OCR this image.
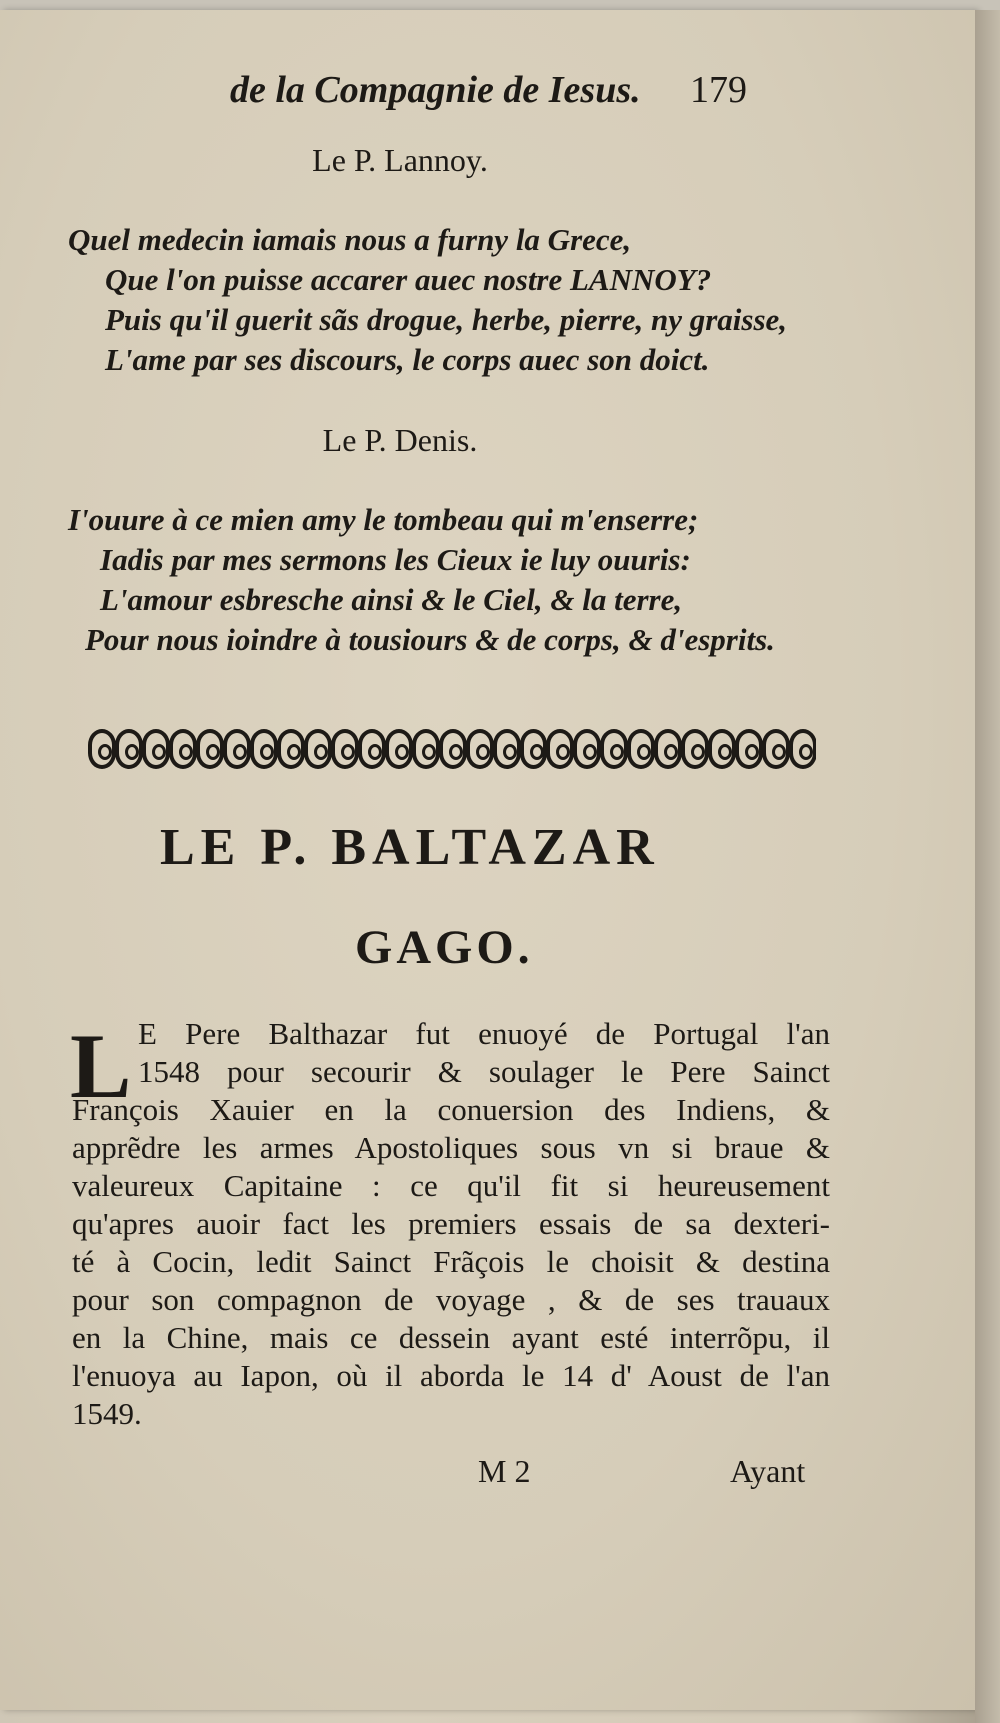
de la Compagnie de Iesus. 179
Le P. Lannoy.
Quel medecin iamais nous a furny la Grece,
Que l'on puisse accarer auec nostre LANNOY?
Puis qu'il guerit sãs drogue, herbe, pierre, ny graisse,
L'ame par ses discours, le corps auec son doict.
Le P. Denis.
I'ouure à ce mien amy le tombeau qui m'enserre;
Iadis par mes sermons les Cieux ie luy ouuris:
L'amour esbresche ainsi & le Ciel, & la terre,
Pour nous ioindre à tousiours & de corps, & d'esprits.
LE P. BALTAZAR
GAGO.
L E Pere Balthazar fut enuoyé de Portugal l'an
1548 pour secourir & soulager le Pere Sainct
François Xauier en la conuersion des Indiens, &
apprẽdre les armes Apostoliques sous vn si braue &
valeureux Capitaine : ce qu'il fit si heureusement
qu'apres auoir fact les premiers essais de sa dexteri-
té à Cocin, ledit Sainct Frãçois le choisit & destina
pour son compagnon de voyage , & de ses trauaux
en la Chine, mais ce dessein ayant esté interrõpu, il
l'enuoya au Iapon, où il aborda le 14 d' Aoust de l'an
1549.
M 2	Ayant
